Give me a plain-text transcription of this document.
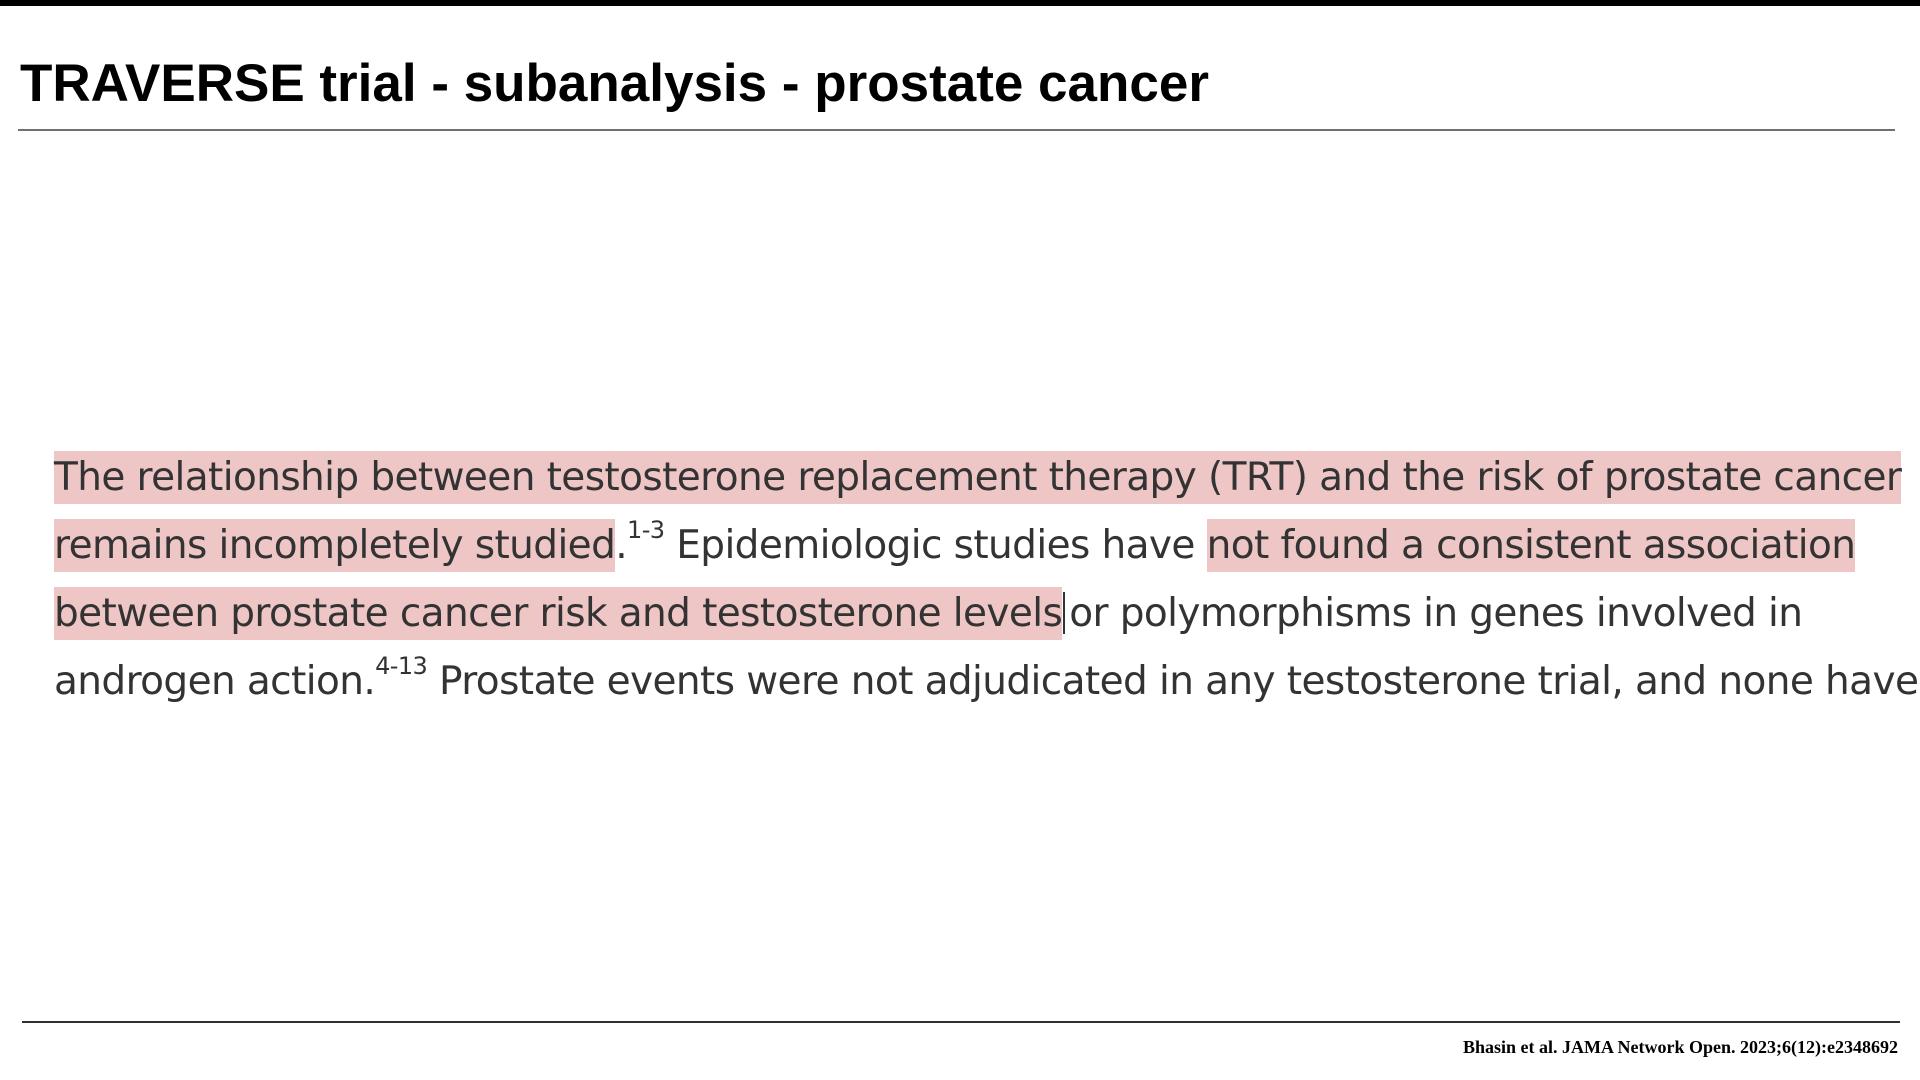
TRAVERSE trial - subanalysis - prostate cancer
The relationship between testosterone replacement therapy (TRT) and the risk of prostate cancer
remains incompletely studied.$^{1-3}$ Epidemiologic studies have not found a consistent association
between prostate cancer risk and testosterone levels or polymorphisms in genes involved in
androgen action.$^{4-13}$ Prostate events were not adjudicated in any testosterone trial, and none have
Bhasin et al. JAMA Network Open. 2023;6(12):e2348692
